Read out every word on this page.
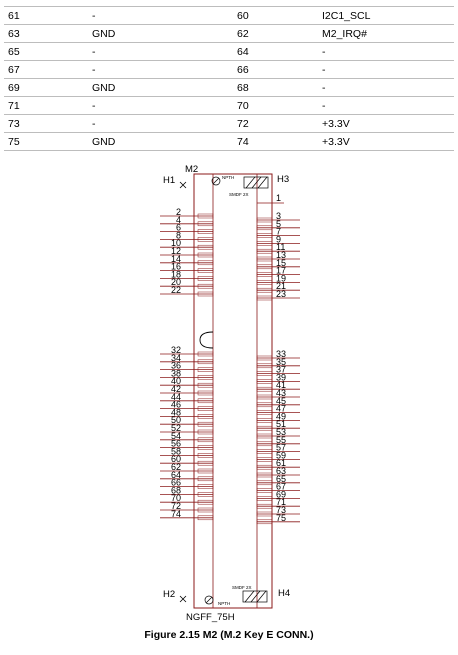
61	-	60	I2C1_SCL
63	GND	62	M2_IRQ#
65	-	64	-
67	-	66	-
69	GND	68	-
71	-	70	-
73	-	72	+3.3V
75	GND	74	+3.3V
H1	H3
H2	H4
M2
NGFF_75H
NPTH
SMDF 2X
NPTH
SMDF 2X
1
2
4
6
8
10
12
14
16
18
20
22
32
34
36
38
40
42
44
46
48
50
52
54
56
58
60
62
64
66
68
70
72
74
3
5
7
9
11
13
15
17
19
21
23
33
35
37
39
41
43
45
47
49
51
53
55
57
59
61
63
65
67
69
71
73
75
Figure 2.15 M2 (M.2 Key E CONN.)
